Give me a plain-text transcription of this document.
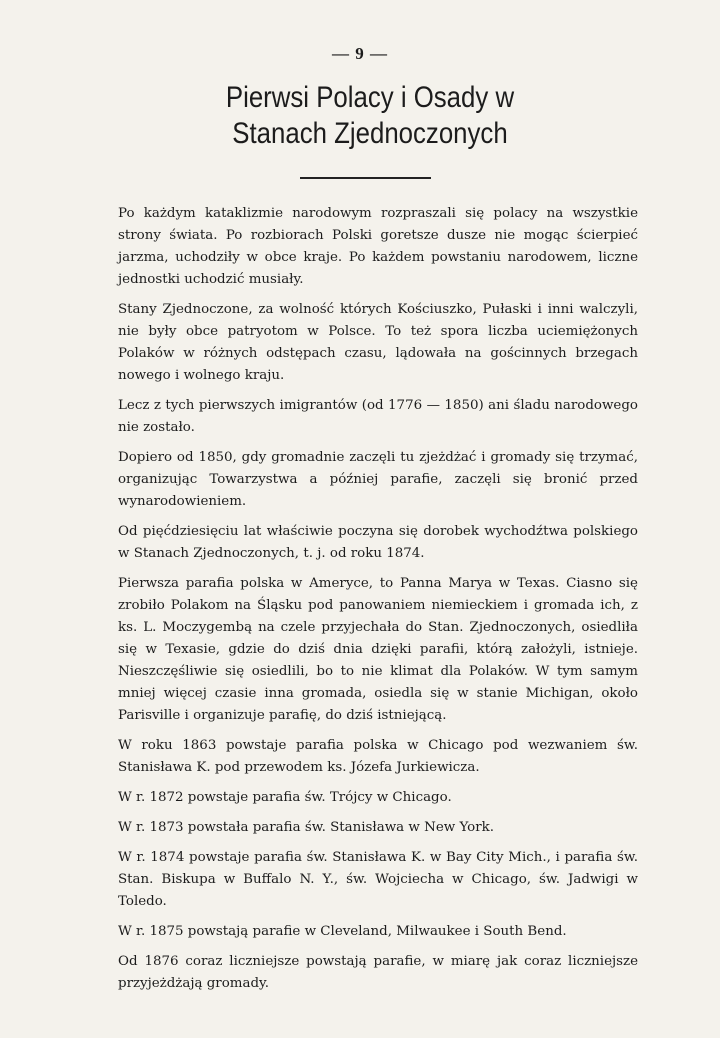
— 9 —
Pierwsi Polacy i Osady w
Stanach Zjednoczonych

Po każdym kataklizmie narodowym rozpraszali się polacy na wszystkie strony świata. Po rozbiorach Polski goretsze dusze nie mogąc ścierpieć jarzma, uchodziły w obce kraje. Po każdem powstaniu narodowem, liczne jednostki uchodzić musiały.

Stany Zjednoczone, za wolność których Kościuszko, Pułaski i inni walczyli, nie były obce patryotom w Polsce. To też spora liczba uciemiężonych Polaków w różnych odstępach czasu, lądowała na gościnnych brzegach nowego i wolnego kraju.

Lecz z tych pierwszych imigrantów (od 1776 — 1850) ani śladu narodowego nie zostało.

Dopiero od 1850, gdy gromadnie zaczęli tu zjeżdżać i gromady się trzymać, organizując Towarzystwa a później parafie, zaczęli się bronić przed wynarodowieniem.

Od pięćdziesięciu lat właściwie poczyna się dorobek wychodźtwa polskiego w Stanach Zjednoczonych, t. j. od roku 1874.

Pierwsza parafia polska w Ameryce, to Panna Marya w Texas. Ciasno się zrobiło Polakom na Śląsku pod panowaniem niemieckiem i gromada ich, z ks. L. Moczygembą na czele przyjechała do Stan. Zjednoczonych, osiedliła się w Texasie, gdzie do dziś dnia dzięki parafii, którą założyli, istnieje. Nieszczęśliwie się osiedlili, bo to nie klimat dla Polaków. W tym samym mniej więcej czasie inna gromada, osiedla się w stanie Michigan, około Parisville i organizuje parafię, do dziś istniejącą.

W roku 1863 powstaje parafia polska w Chicago pod wezwaniem św. Stanisława K. pod przewodem ks. Józefa Jurkiewicza.

W r. 1872 powstaje parafia św. Trójcy w Chicago.

W r. 1873 powstała parafia św. Stanisława w New York.

W r. 1874 powstaje parafia św. Stanisława K. w Bay City Mich., i parafia św. Stan. Biskupa w Buffalo N. Y., św. Wojciecha w Chicago, św. Jadwigi w Toledo.

W r. 1875 powstają parafie w Cleveland, Milwaukee i South Bend.

Od 1876 coraz liczniejsze powstają parafie, w miarę jak coraz liczniejsze przyjeżdżają gromady.
